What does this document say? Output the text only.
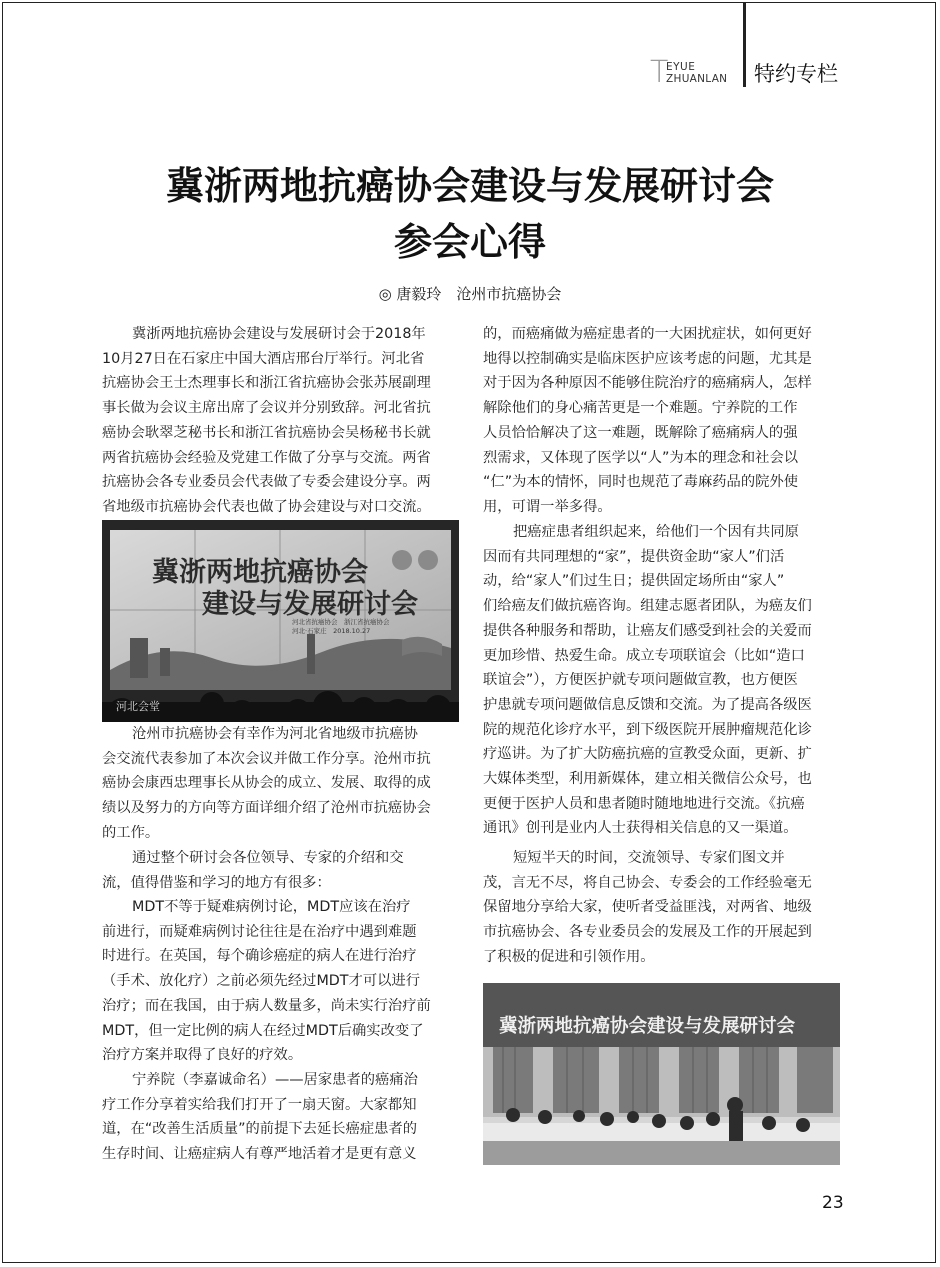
T
EYUE
ZHUANLAN 特约专栏
冀浙两地抗癌协会建设与发展研讨会
参会心得
◎ 唐毅玲　沧州市抗癌协会
冀浙两地抗癌协会建设与发展研讨会于2018年
10月27日在石家庄中国大酒店邢台厅举行。河北省
抗癌协会王士杰理事长和浙江省抗癌协会张苏展副理
事长做为会议主席出席了会议并分别致辞。河北省抗
癌协会耿翠芝秘书长和浙江省抗癌协会吴杨秘书长就
两省抗癌协会经验及党建工作做了分享与交流。两省
抗癌协会各专业委员会代表做了专委会建设分享。两
省地级市抗癌协会代表也做了协会建设与对口交流。
冀浙两地抗癌协会
建设与发展研讨会
河北省抗癌协会　浙江省抗癌协会
河北·石家庄　2018.10.27
河北会堂
沧州市抗癌协会有幸作为河北省地级市抗癌协
会交流代表参加了本次会议并做工作分享。沧州市抗
癌协会康西忠理事长从协会的成立、发展、取得的成
绩以及努力的方向等方面详细介绍了沧州市抗癌协会
的工作。
通过整个研讨会各位领导、专家的介绍和交
流，值得借鉴和学习的地方有很多：
MDT不等于疑难病例讨论，MDT应该在治疗
前进行，而疑难病例讨论往往是在治疗中遇到难题
时进行。在英国，每个确诊癌症的病人在进行治疗
（手术、放化疗）之前必须先经过MDT才可以进行
治疗；而在我国，由于病人数量多，尚未实行治疗前
MDT，但一定比例的病人在经过MDT后确实改变了
治疗方案并取得了良好的疗效。
宁养院（李嘉诚命名）——居家患者的癌痛治
疗工作分享着实给我们打开了一扇天窗。大家都知
道，在“改善生活质量”的前提下去延长癌症患者的
生存时间、让癌症病人有尊严地活着才是更有意义
的，而癌痛做为癌症患者的一大困扰症状，如何更好
地得以控制确实是临床医护应该考虑的问题，尤其是
对于因为各种原因不能够住院治疗的癌痛病人，怎样
解除他们的身心痛苦更是一个难题。宁养院的工作
人员恰恰解决了这一难题，既解除了癌痛病人的强
烈需求，又体现了医学以“人”为本的理念和社会以
“仁”为本的情怀，同时也规范了毒麻药品的院外使
用，可谓一举多得。
把癌症患者组织起来，给他们一个因有共同原
因而有共同理想的“家”，提供资金助“家人”们活
动，给“家人”们过生日；提供固定场所由“家人”
们给癌友们做抗癌咨询。组建志愿者团队，为癌友们
提供各种服务和帮助，让癌友们感受到社会的关爱而
更加珍惜、热爱生命。成立专项联谊会（比如“造口
联谊会”），方便医护就专项问题做宣教，也方便医
护患就专项问题做信息反馈和交流。为了提高各级医
院的规范化诊疗水平，到下级医院开展肿瘤规范化诊
疗巡讲。为了扩大防癌抗癌的宣教受众面，更新、扩
大媒体类型，利用新媒体，建立相关微信公众号，也
更便于医护人员和患者随时随地地进行交流。《抗癌
通讯》创刊是业内人士获得相关信息的又一渠道。
短短半天的时间，交流领导、专家们图文并
茂，言无不尽，将自己协会、专委会的工作经验毫无
保留地分享给大家，使听者受益匪浅，对两省、地级
市抗癌协会、各专业委员会的发展及工作的开展起到
了积极的促进和引领作用。
冀浙两地抗癌协会建设与发展研讨会
23
